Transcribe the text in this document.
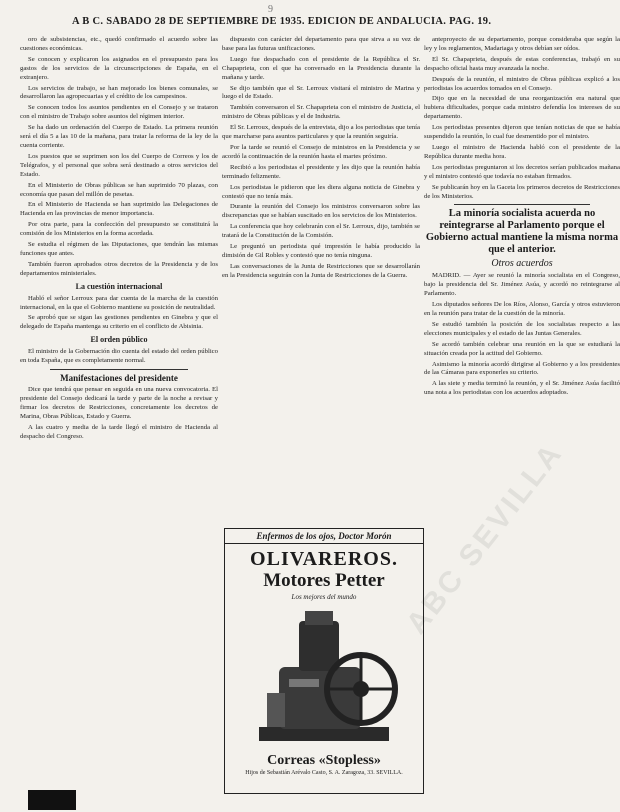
9
A B C. SÁBADO 28 DE SEPTIEMBRE DE 1935. EDICIÓN DE ANDALUCÍA. PAG. 19.

oro de subsistencias, etc., quedó confirmado el acuerdo sobre las cuestiones económicas.

Se conocen y explicaron los asignados en el presupuesto para los gastos de los servicios de la circunscripciones de España, en el extranjero.

Los servicios de trabajo, se han mejorado los bienes comunales, se desarrollaron las agropecuarias y el crédito de los campesinos.

Se conocen todos los asuntos pendientes en el Consejo y se trataron con el ministro de Trabajo sobre asuntos del régimen interior.

Se ha dado un ordenación del Cuerpo de Estado. La primera reunión será el día 5 a las 10 de la mañana, para tratar la reforma de la ley de la cuenta corriente.

Los puestos que se suprimen son los del Cuerpo de Correos y los de Telégrafos, y el personal que sobra será destinado a otros servicios del Estado.

En el Ministerio de Obras públicas se han suprimido 70 plazas, con economía que pasan del millón de pesetas.

En el Ministerio de Hacienda se han suprimido las Delegaciones de Hacienda en las provincias de menor importancia.

Por otra parte, para la confección del presupuesto se constituirá la comisión de los Ministerios en la forma acordada.

Se estudia el régimen de las Diputaciones, que tendrán las mismas funciones que antes.

También fueron aprobados otros decretos de la Presidencia y de los departamentos ministeriales.

La cuestión internacional

Habló el señor Lerroux para dar cuenta de la marcha de la cuestión internacional, en la que el Gobierno mantiene su posición de neutralidad.

Se aprobó que se sigan las gestiones pendientes en Ginebra y que el delegado de España mantenga su criterio en el conflicto de Abisinia.

El orden público

El ministro de la Gobernación dio cuenta del estado del orden público en toda España, que es completamente normal.

Manifestaciones del presidente

Dice que tendrá que pensar en seguida en una nueva convocatoria. El presidente del Consejo dedicará la tarde y parte de la noche a revisar y firmar los decretos de Restricciones, concretamente los decretos de Marina, Obras Públicas, Estado y Guerra.

A las cuatro y media de la tarde llegó el ministro de Hacienda al despacho del Congreso.

dispuesto con carácter del departamento para que sirva a su vez de base para las futuras unificaciones.

Luego fue despachado con el presidente de la República el Sr. Chapaprieta, con el que ha conversado en la Presidencia durante la mañana y tarde.

Se dijo también que el Sr. Lerroux visitará el ministro de Marina y luego el de Estado.

También conversaron el Sr. Chapaprieta con el ministro de Justicia, el ministro de Obras públicas y el de Industria.

El Sr. Lerroux, después de la entrevista, dijo a los periodistas que tenía que marcharse para asuntos particulares y que la reunión seguiría.

Por la tarde se reunió el Consejo de ministros en la Presidencia y se acordó la continuación de la reunión hasta el martes próximo.

Recibió a los periodistas el presidente y les dijo que la reunión había terminado felizmente.

Los periodistas le pidieron que les diera alguna noticia de Ginebra y contestó que no tenía más.

Durante la reunión del Consejo los ministros conversaron sobre las discrepancias que se habían suscitado en los servicios de los Ministerios.

La conferencia que hoy celebrarán con el Sr. Lerroux, dijo, también se tratará de la Constitución de la Comisión.

Le preguntó un periodista qué impresión le había producido la dimisión de Gil Robles y contestó que no tenía ninguna.

Las conversaciones de la Junta de Restricciones que se desarrollarán en la Presidencia seguirán con la Junta de Restricciones de la Guerra.

anteproyecto de su departamento, porque consideraba que según la ley y los reglamentos, Madariaga y otros debían ser oídos.

El Sr. Chapaprieta, después de estas conferencias, trabajó en su despacho oficial hasta muy avanzada la noche.

Después de la reunión, el ministro de Obras públicas explicó a los periodistas los acuerdos tomados en el Consejo.

Dijo que en la necesidad de una reorganización era natural que hubiera dificultades, porque cada ministro defendía los intereses de su departamento.

Los periodistas presentes dijeron que tenían noticias de que se había suspendido la reunión, lo cual fue desmentido por el ministro.

Luego el ministro de Hacienda habló con el presidente de la República durante media hora.

Los periodistas preguntaron si los decretos serían publicados mañana y el ministro contestó que todavía no estaban firmados.

Se publicarán hoy en la Gaceta los primeros decretos de Restricciones de los Ministerios.

La minoría socialista acuerda no reintegrarse al Parlamento porque el Gobierno actual mantiene la misma norma que el anterior.
Otros acuerdos

MADRID. — Ayer se reunió la minoría socialista en el Congreso, bajo la presidencia del Sr. Jiménez Asúa, y acordó no reintegrarse al Parlamento.

Los diputados señores De los Ríos, Alonso, García y otros estuvieron en la reunión para tratar de la cuestión de la minoría.

Se estudió también la posición de los socialistas respecto a las elecciones municipales y el estado de las Juntas Generales.

Se acordó también celebrar una reunión en la que se estudiará la situación creada por la actitud del Gobierno.

Asimismo la minoría acordó dirigirse al Gobierno y a los presidentes de las Cámaras para exponerles su criterio.

A las siete y media terminó la reunión, y el Sr. Jiménez Asúa facilitó una nota a los periodistas con los acuerdos adoptados.

Enfermos de los ojos, Doctor Morón
OLIVAREROS.
Motores Petter
Los mejores del mundo
Correas «Stopless»
Hijos de Sebastián Arévalo Casto, S. A. Zaragoza, 33. SEVILLA.
ABC SEVILLA
